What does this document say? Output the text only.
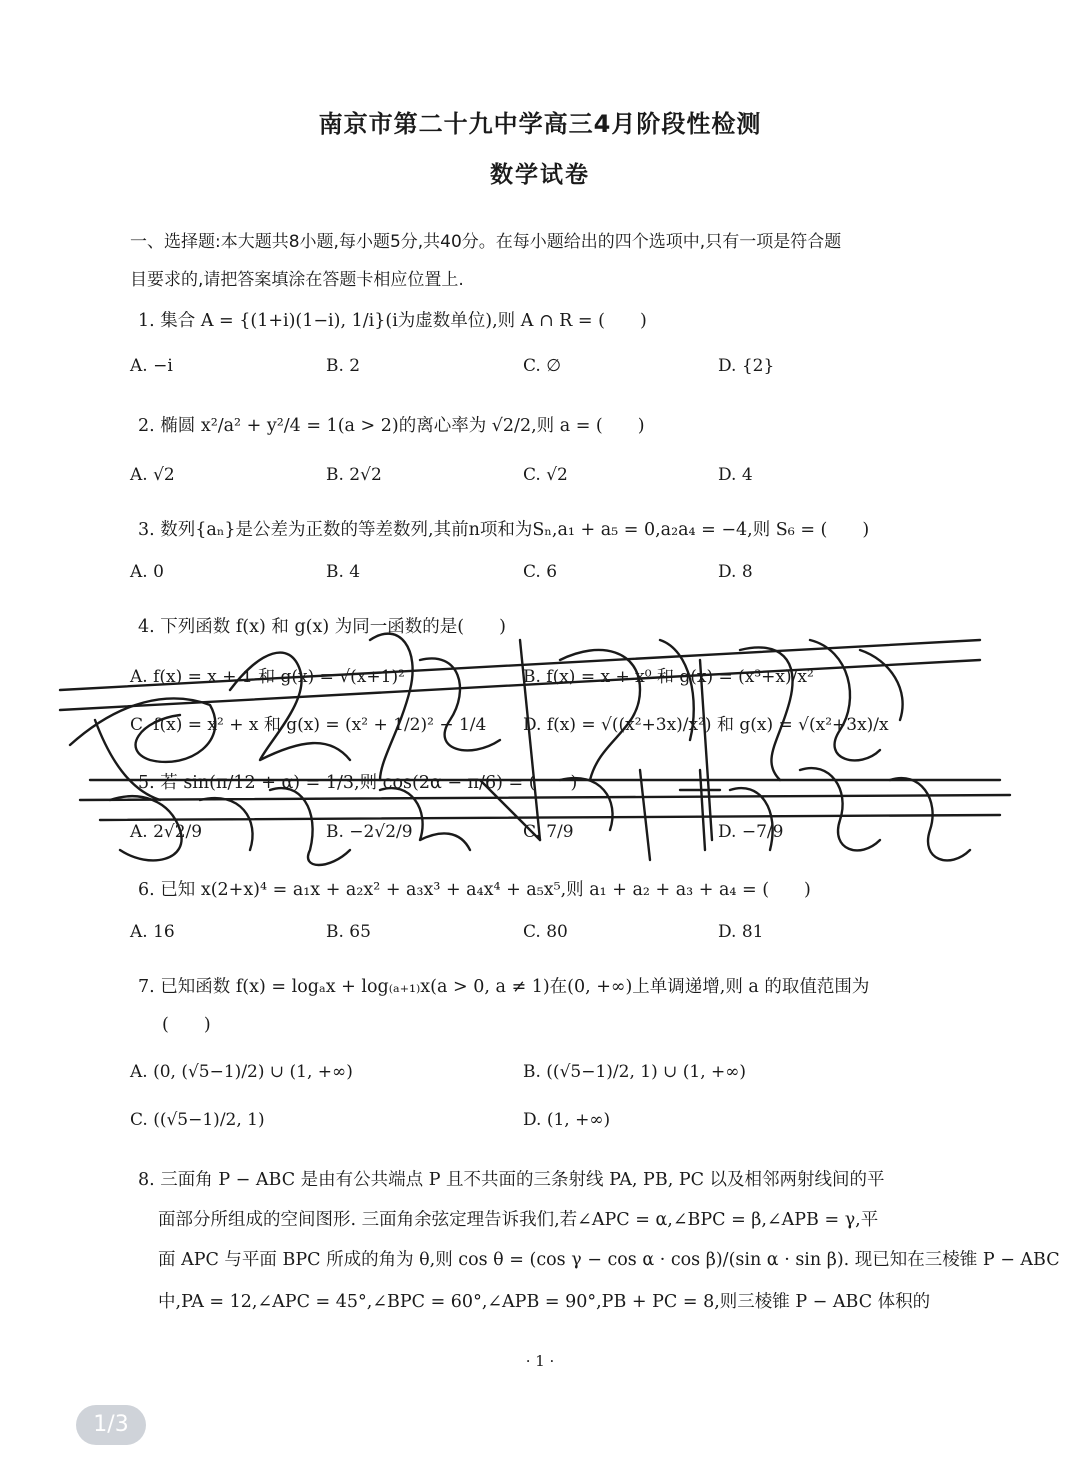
南京市第二十九中学高三4月阶段性检测
数学试卷
一、选择题:本大题共8小题,每小题5分,共40分。在每小题给出的四个选项中,只有一项是符合题
目要求的,请把答案填涂在答题卡相应位置上.
1. 集合 A = {(1+i)(1−i), 1/i}(i为虚数单位),则 A ∩ R = (　　)
A. −i	B. 2	C. ∅	D. {2}
2. 椭圆 x²/a² + y²/4 = 1(a > 2)的离心率为 √2/2,则 a = (　　)
A. √2	B. 2√2	C. √2	D. 4
3. 数列{aₙ}是公差为正数的等差数列,其前n项和为Sₙ,a₁ + a₅ = 0,a₂a₄ = −4,则 S₆ = (　　)
A. 0	B. 4	C. 6	D. 8
4. 下列函数 f(x) 和 g(x) 为同一函数的是(　　)
A. f(x) = x + 1 和 g(x) = √(x+1)²	B. f(x) = x + x⁰ 和 g(x) = (x³+x)/x²
C. f(x) = x² + x 和 g(x) = (x² + 1/2)² − 1/4 D. f(x) = √((x²+3x)/x²) 和 g(x) = √(x²+3x)/x
5. 若 sin(π/12 + α) = 1/3,则 cos(2α − π/6) = (　　)
A. 2√2/9	B. −2√2/9	C. 7/9	D. −7/9
6. 已知 x(2+x)⁴ = a₁x + a₂x² + a₃x³ + a₄x⁴ + a₅x⁵,则 a₁ + a₂ + a₃ + a₄ = (　　)
A. 16	B. 65	C. 80	D. 81
7. 已知函数 f(x) = logₐx + log₍ₐ₊₁₎x(a > 0, a ≠ 1)在(0, +∞)上单调递增,则 a 的取值范围为
(　　)
A. (0, (√5−1)/2) ∪ (1, +∞)	B. ((√5−1)/2, 1) ∪ (1, +∞)
C. ((√5−1)/2, 1)	D. (1, +∞)
8. 三面角 P − ABC 是由有公共端点 P 且不共面的三条射线 PA, PB, PC 以及相邻两射线间的平
面部分所组成的空间图形. 三面角余弦定理告诉我们,若∠APC = α,∠BPC = β,∠APB = γ,平
面 APC 与平面 BPC 所成的角为 θ,则 cos θ = (cos γ − cos α · cos β)/(sin α · sin β). 现已知在三棱锥 P − ABC
中,PA = 12,∠APC = 45°,∠BPC = 60°,∠APB = 90°,PB + PC = 8,则三棱锥 P − ABC 体积的
· 1 ·
1/3
